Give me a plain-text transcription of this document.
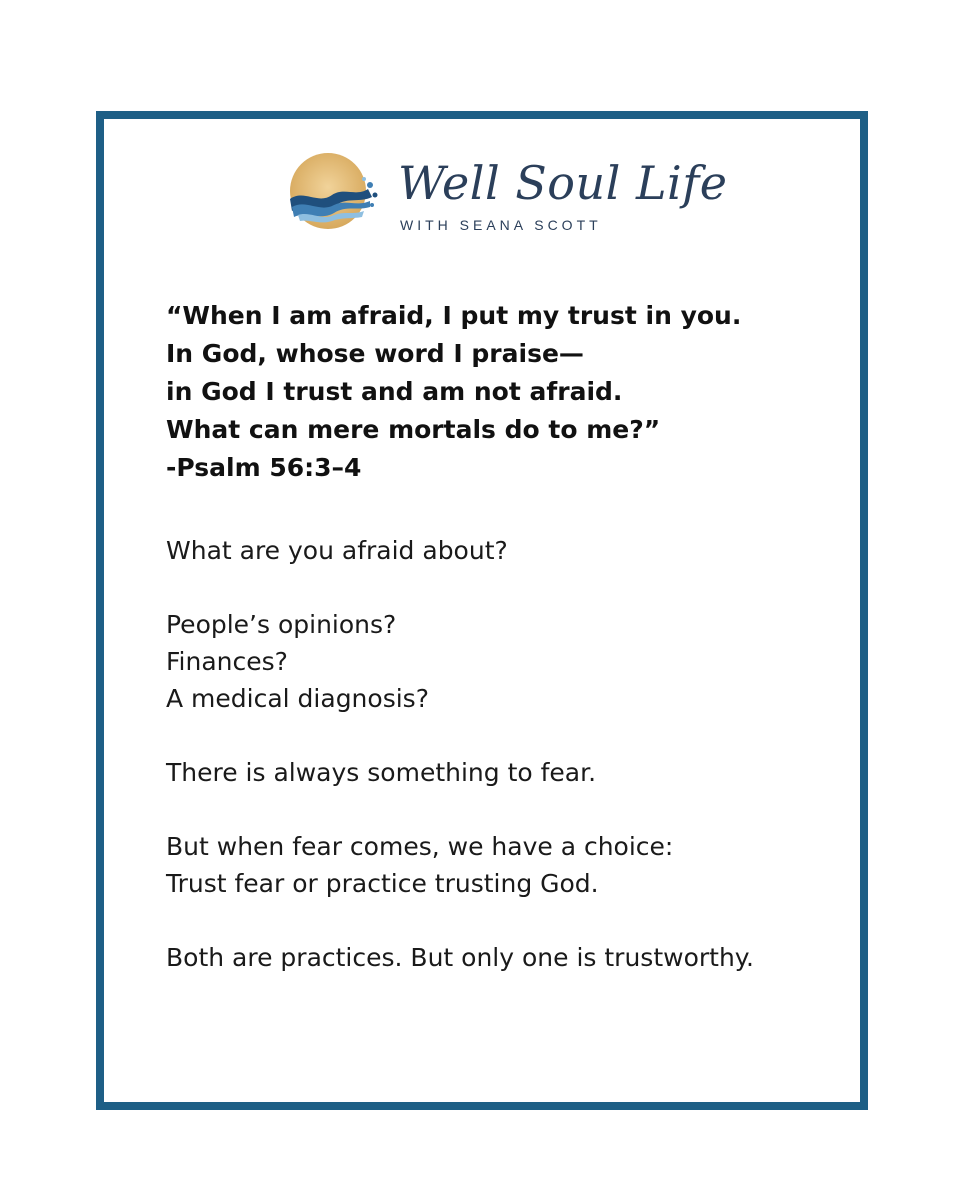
Well Soul Life
WITH SEANA SCOTT
“When I am afraid, I put my trust in you.
In God, whose word I praise—
in God I trust and am not afraid.
What can mere mortals do to me?”
-Psalm 56:3–4
What are you afraid about?
People’s opinions?
Finances?
A medical diagnosis?
There is always something to fear.
But when fear comes, we have a choice:
Trust fear or practice trusting God.
Both are practices. But only one is trustworthy.
